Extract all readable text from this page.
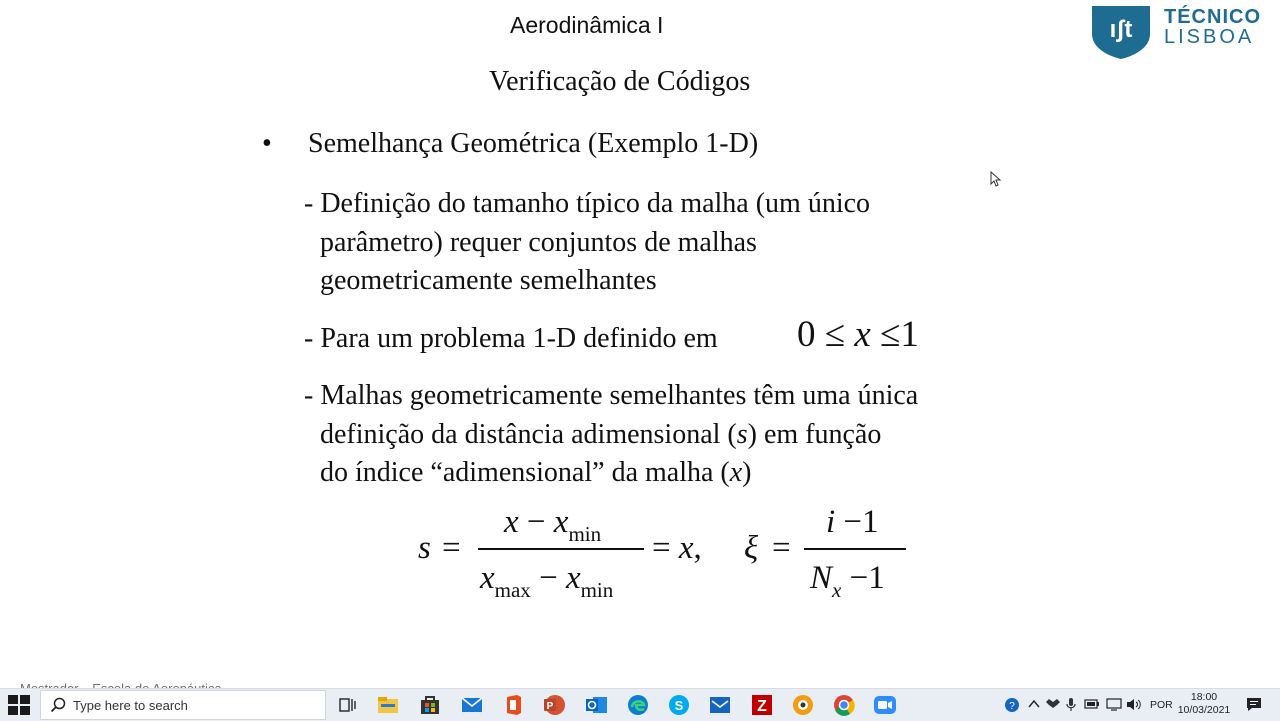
Aerodinâmica I	ıʃt TÉCNICO
LISBOA
Verificação de Códigos
• Semelhança Geométrica (Exemplo 1-D)
- Definição do tamanho típico da malha (um único
parâmetro) requer conjuntos de malhas
geometricamente semelhantes
- Para um problema 1-D definido em 0 ≤ x ≤1
- Malhas geometricamente semelhantes têm uma única
definição da distância adimensional (s) em função
do índice “adimensional” da malha (x)
s =
$x - x_{min}$
$x_{max} - x_{min}$
= x, ξ =
i −1
$N_x -1$
Type here to search	P	S	Z	?	POR
18:00
10/03/2021
